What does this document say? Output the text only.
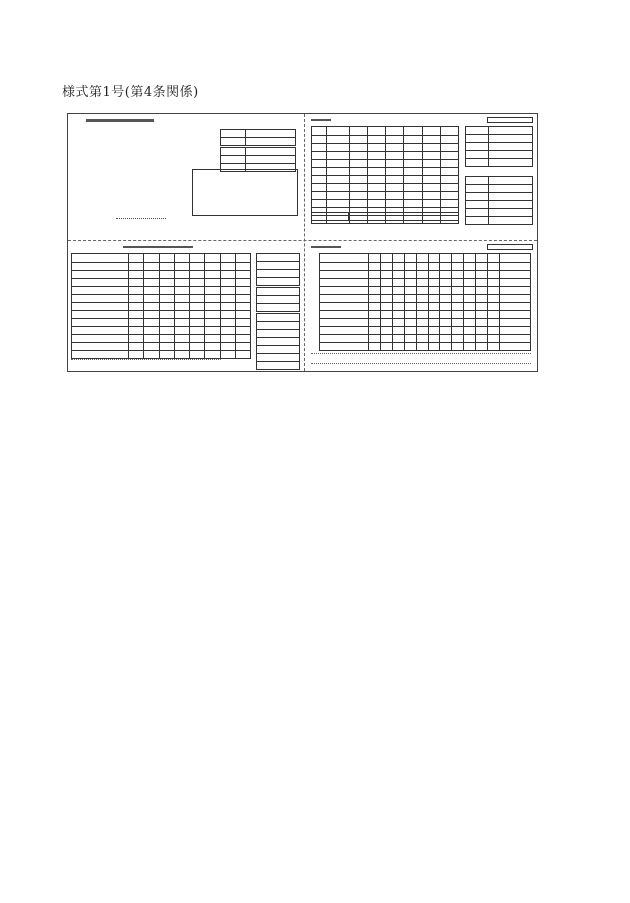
様式第1号(第4条関係)
